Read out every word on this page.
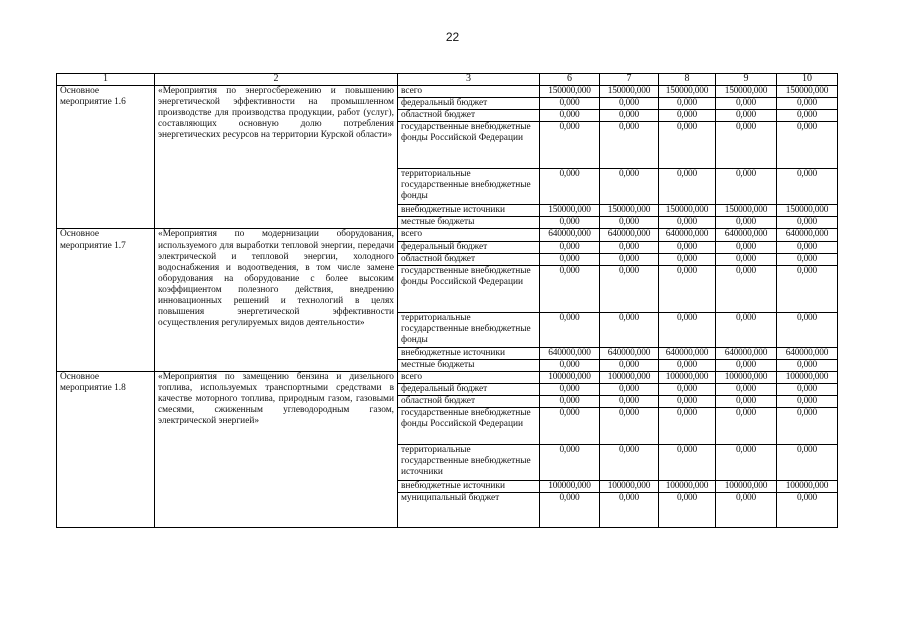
22
1	2	3	6	7	8	9	10
Основное мероприятие 1.6	«Мероприятия по энергосбережению и повышению энергетической эффективности на промышленном производстве для производства продукции, работ (услуг), составляющих основную долю потребления энергетических ресурсов на территории Курской области»	всего	150000,000	150000,000	150000,000	150000,000	150000,000
		федеральный бюджет	0,000	0,000	0,000	0,000	0,000
		областной бюджет	0,000	0,000	0,000	0,000	0,000
		государственные внебюджетные фонды Российской Федерации	0,000	0,000	0,000	0,000	0,000
		территориальные государственные внебюджетные фонды	0,000	0,000	0,000	0,000	0,000
		внебюджетные источники	150000,000	150000,000	150000,000	150000,000	150000,000
		местные бюджеты	0,000	0,000	0,000	0,000	0,000
Основное мероприятие 1.7	«Мероприятия по модернизации оборудования, используемого для выработки тепловой энергии, передачи электрической и тепловой энергии, холодного водоснабжения и водоотведения, в том числе замене оборудования на оборудование с более высоким коэффициентом полезного действия, внедрению инновационных решений и технологий в целях повышения энергетической эффективности осуществления регулируемых видов деятельности»	всего	640000,000	640000,000	640000,000	640000,000	640000,000
		федеральный бюджет	0,000	0,000	0,000	0,000	0,000
		областной бюджет	0,000	0,000	0,000	0,000	0,000
		государственные внебюджетные фонды Российской Федерации	0,000	0,000	0,000	0,000	0,000
		территориальные государственные внебюджетные фонды	0,000	0,000	0,000	0,000	0,000
		внебюджетные источники	640000,000	640000,000	640000,000	640000,000	640000,000
		местные бюджеты	0,000	0,000	0,000	0,000	0,000
Основное мероприятие 1.8	«Мероприятия по замещению бензина и дизельного топлива, используемых транспортными средствами в качестве моторного топлива, природным газом, газовыми смесями, сжиженным углеводородным газом, электрической энергией»	всего	100000,000	100000,000	100000,000	100000,000	100000,000
		федеральный бюджет	0,000	0,000	0,000	0,000	0,000
		областной бюджет	0,000	0,000	0,000	0,000	0,000
		государственные внебюджетные фонды Российской Федерации	0,000	0,000	0,000	0,000	0,000
		территориальные государственные внебюджетные источники	0,000	0,000	0,000	0,000	0,000
		внебюджетные источники	100000,000	100000,000	100000,000	100000,000	100000,000
		муниципальный бюджет	0,000	0,000	0,000	0,000	0,000
